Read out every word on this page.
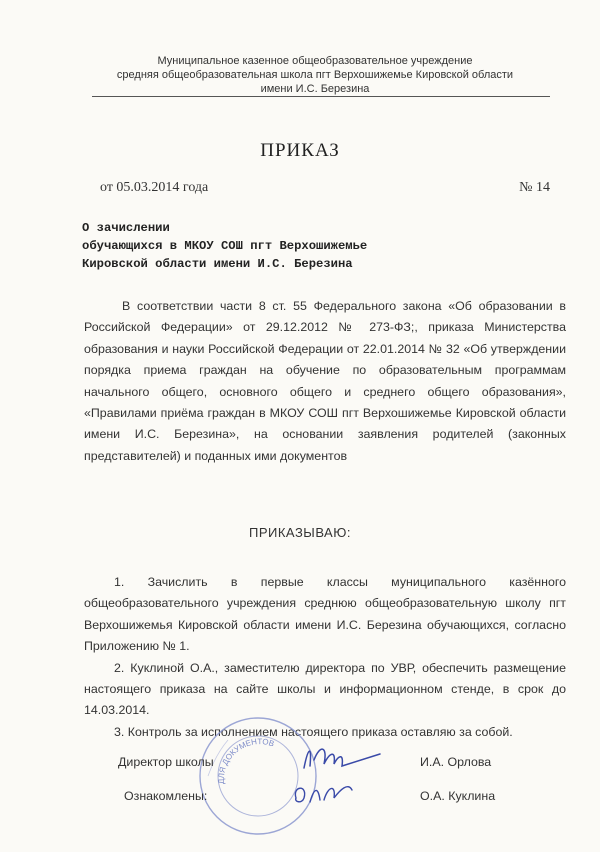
Муниципальное казенное общеобразовательное учреждение
средняя общеобразовательная школа пгт Верхошижемье Кировской области
имени И.С. Березина
ПРИКАЗ
от 05.03.2014 года	№ 14
О зачислении
обучающихся в МКОУ СОШ пгт Верхошижемье
Кировской области имени И.С. Березина

В соответствии части 8 ст. 55 Федерального закона «Об образовании в Российской Федерации» от 29.12.2012 № 273-ФЗ;, приказа Министерства образования и науки Российской Федерации от 22.01.2014 № 32 «Об утверждении порядка приема граждан на обучение по образовательным программам начального общего, основного общего и среднего общего образования», «Правилами приёма граждан в МКОУ СОШ пгт Верхошижемье Кировской области имени И.С. Березина», на основании заявления родителей (законных представителей) и поданных ими документов

ПРИКАЗЫВАЮ:

1. Зачислить в первые классы муниципального казённого общеобразовательного учреждения среднюю общеобразовательную школу пгт Верхошижемья Кировской области имени И.С. Березина обучающихся, согласно Приложению № 1.

2. Куклиной О.А., заместителю директора по УВР, обеспечить размещение настоящего приказа на сайте школы и информационном стенде, в срок до 14.03.2014.

3. Контроль за исполнением настоящего приказа оставляю за собой.

ДЛЯ ДОКУМЕНТОВ
Директор школы	И.А. Орлова
Ознакомлены:	О.А. Куклина
